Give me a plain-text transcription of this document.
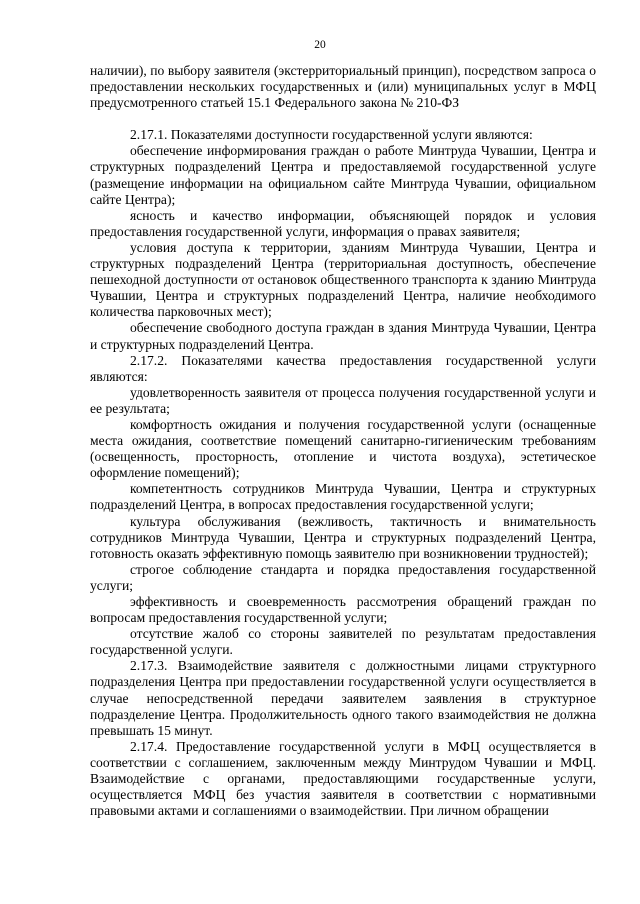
20

наличии), по выбору заявителя (экстерриториальный принцип), посредством запроса о предоставлении нескольких государственных и (или) муниципальных услуг в МФЦ предусмотренного статьей 15.1 Федерального закона № 210-ФЗ

2.17.1. Показателями доступности государственной услуги являются:

обеспечение информирования граждан о работе Минтруда Чувашии, Центра и структурных подразделений Центра и предоставляемой государственной услуге (размещение информации на официальном сайте Минтруда Чувашии, официальном сайте Центра);

ясность и качество информации, объясняющей порядок и условия предоставления государственной услуги, информация о правах заявителя;

условия доступа к территории, зданиям Минтруда Чувашии, Центра и структурных подразделений Центра (территориальная доступность, обеспечение пешеходной доступности от остановок общественного транспорта к зданию Минтруда Чувашии, Центра и структурных подразделений Центра, наличие необходимого количества парковочных мест);

обеспечение свободного доступа граждан в здания Минтруда Чувашии, Центра и структурных подразделений Центра.

2.17.2. Показателями качества предоставления государственной услуги являются:

удовлетворенность заявителя от процесса получения государственной услуги и ее результата;

комфортность ожидания и получения государственной услуги (оснащенные места ожидания, соответствие помещений санитарно-гигиеническим требованиям (освещенность, просторность, отопление и чистота воздуха), эстетическое оформление помещений);

компетентность сотрудников Минтруда Чувашии, Центра и структурных подразделений Центра, в вопросах предоставления государственной услуги;

культура обслуживания (вежливость, тактичность и внимательность сотрудников Минтруда Чувашии, Центра и структурных подразделений Центра, готовность оказать эффективную помощь заявителю при возникновении трудностей);

строгое соблюдение стандарта и порядка предоставления государственной услуги;

эффективность и своевременность рассмотрения обращений граждан по вопросам предоставления государственной услуги;

отсутствие жалоб со стороны заявителей по результатам предоставления государственной услуги.

2.17.3. Взаимодействие заявителя с должностными лицами структурного подразделения Центра при предоставлении государственной услуги осуществляется в случае непосредственной передачи заявителем заявления в структурное подразделение Центра. Продолжительность одного такого взаимодействия не должна превышать 15 минут.

2.17.4. Предоставление государственной услуги в МФЦ осуществляется в соответствии с соглашением, заключенным между Минтрудом Чувашии и МФЦ. Взаимодействие с органами, предоставляющими государственные услуги, осуществляется МФЦ без участия заявителя в соответствии с нормативными правовыми актами и соглашениями о взаимодействии. При личном обращении
